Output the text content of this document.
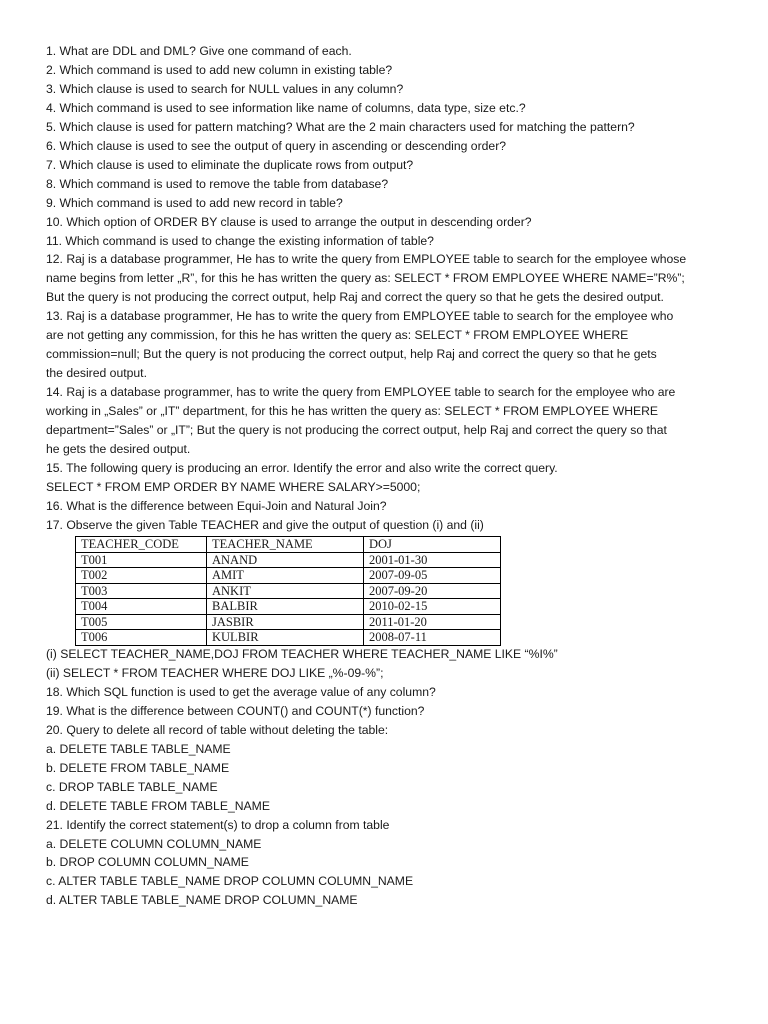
1. What are DDL and DML? Give one command of each.
2. Which command is used to add new column in existing table?
3. Which clause is used to search for NULL values in any column?
4. Which command is used to see information like name of columns, data type, size etc.?
5. Which clause is used for pattern matching? What are the 2 main characters used for matching the pattern?
6. Which clause is used to see the output of query in ascending or descending order?
7. Which clause is used to eliminate the duplicate rows from output?
8. Which command is used to remove the table from database?
9. Which command is used to add new record in table?
10. Which option of ORDER BY clause is used to arrange the output in descending order?
11. Which command is used to change the existing information of table?
12. Raj is a database programmer, He has to write the query from EMPLOYEE table to search for the employee whose
name begins from letter „R”, for this he has written the query as: SELECT * FROM EMPLOYEE WHERE NAME=”R%”;
But the query is not producing the correct output, help Raj and correct the query so that he gets the desired output.
13. Raj is a database programmer, He has to write the query from EMPLOYEE table to search for the employee who
are not getting any commission, for this he has written the query as: SELECT * FROM EMPLOYEE WHERE
commission=null; But the query is not producing the correct output, help Raj and correct the query so that he gets
the desired output.
14. Raj is a database programmer, has to write the query from EMPLOYEE table to search for the employee who are
working in „Sales” or „IT” department, for this he has written the query as: SELECT * FROM EMPLOYEE WHERE
department=”Sales” or „IT”; But the query is not producing the correct output, help Raj and correct the query so that
he gets the desired output.
15. The following query is producing an error. Identify the error and also write the correct query.
SELECT * FROM EMP ORDER BY NAME WHERE SALARY>=5000;
16. What is the difference between Equi-Join and Natural Join?
17. Observe the given Table TEACHER and give the output of question (i) and (ii)
TEACHER_CODE	TEACHER_NAME	DOJ
T001	ANAND	2001-01-30
T002	AMIT	2007-09-05
T003	ANKIT	2007-09-20
T004	BALBIR	2010-02-15
T005	JASBIR	2011-01-20
T006	KULBIR	2008-07-11
(i) SELECT TEACHER_NAME,DOJ FROM TEACHER WHERE TEACHER_NAME LIKE “%I%”
(ii) SELECT * FROM TEACHER WHERE DOJ LIKE „%-09-%”;
18. Which SQL function is used to get the average value of any column?
19. What is the difference between COUNT() and COUNT(*) function?
20. Query to delete all record of table without deleting the table:
a. DELETE TABLE TABLE_NAME
b. DELETE FROM TABLE_NAME
c. DROP TABLE TABLE_NAME
d. DELETE TABLE FROM TABLE_NAME
21. Identify the correct statement(s) to drop a column from table
a. DELETE COLUMN COLUMN_NAME
b. DROP COLUMN COLUMN_NAME
c. ALTER TABLE TABLE_NAME DROP COLUMN COLUMN_NAME
d. ALTER TABLE TABLE_NAME DROP COLUMN_NAME
